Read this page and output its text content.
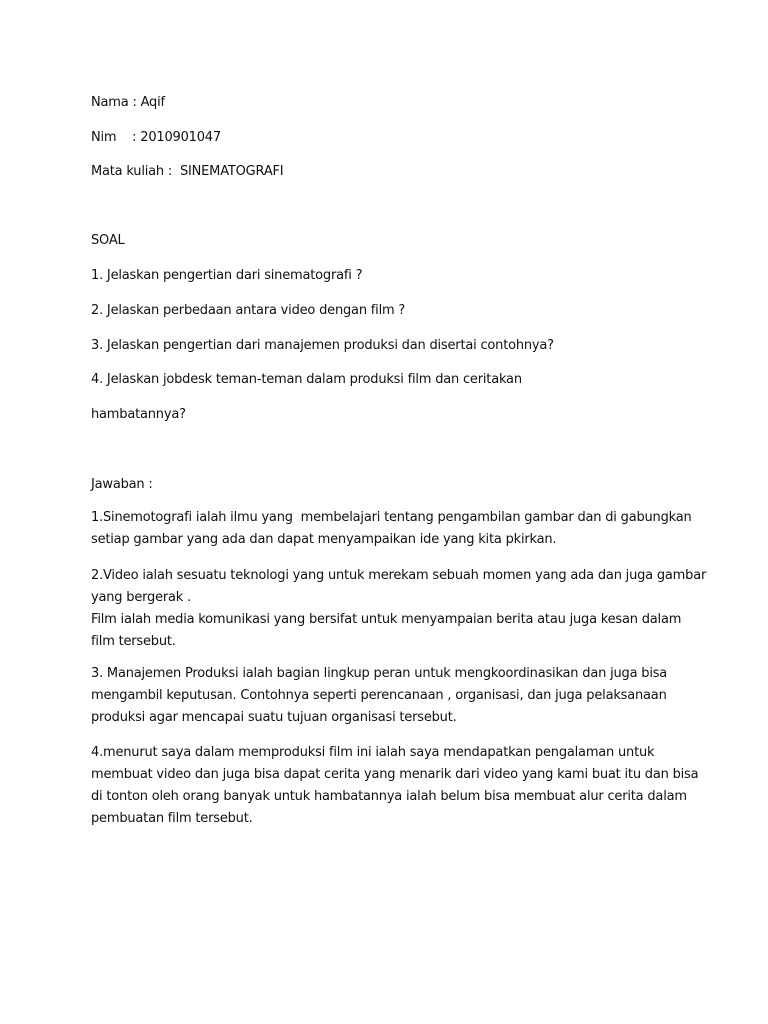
Nama : Aqif
Nim    : 2010901047
Mata kuliah :  SINEMATOGRAFI
SOAL
1. Jelaskan pengertian dari sinematografi ?
2. Jelaskan perbedaan antara video dengan film ?
3. Jelaskan pengertian dari manajemen produksi dan disertai contohnya?
4. Jelaskan jobdesk teman-teman dalam produksi film dan ceritakan
hambatannya?
Jawaban :
1.Sinemotografi ialah ilmu yang  membelajari tentang pengambilan gambar dan di gabungkan
setiap gambar yang ada dan dapat menyampaikan ide yang kita pkirkan.
2.Video ialah sesuatu teknologi yang untuk merekam sebuah momen yang ada dan juga gambar
yang bergerak .
Film ialah media komunikasi yang bersifat untuk menyampaian berita atau juga kesan dalam
film tersebut.
3. Manajemen Produksi ialah bagian lingkup peran untuk mengkoordinasikan dan juga bisa
mengambil keputusan. Contohnya seperti perencanaan , organisasi, dan juga pelaksanaan
produksi agar mencapai suatu tujuan organisasi tersebut.
4.menurut saya dalam memproduksi film ini ialah saya mendapatkan pengalaman untuk
membuat video dan juga bisa dapat cerita yang menarik dari video yang kami buat itu dan bisa
di tonton oleh orang banyak untuk hambatannya ialah belum bisa membuat alur cerita dalam
pembuatan film tersebut.
